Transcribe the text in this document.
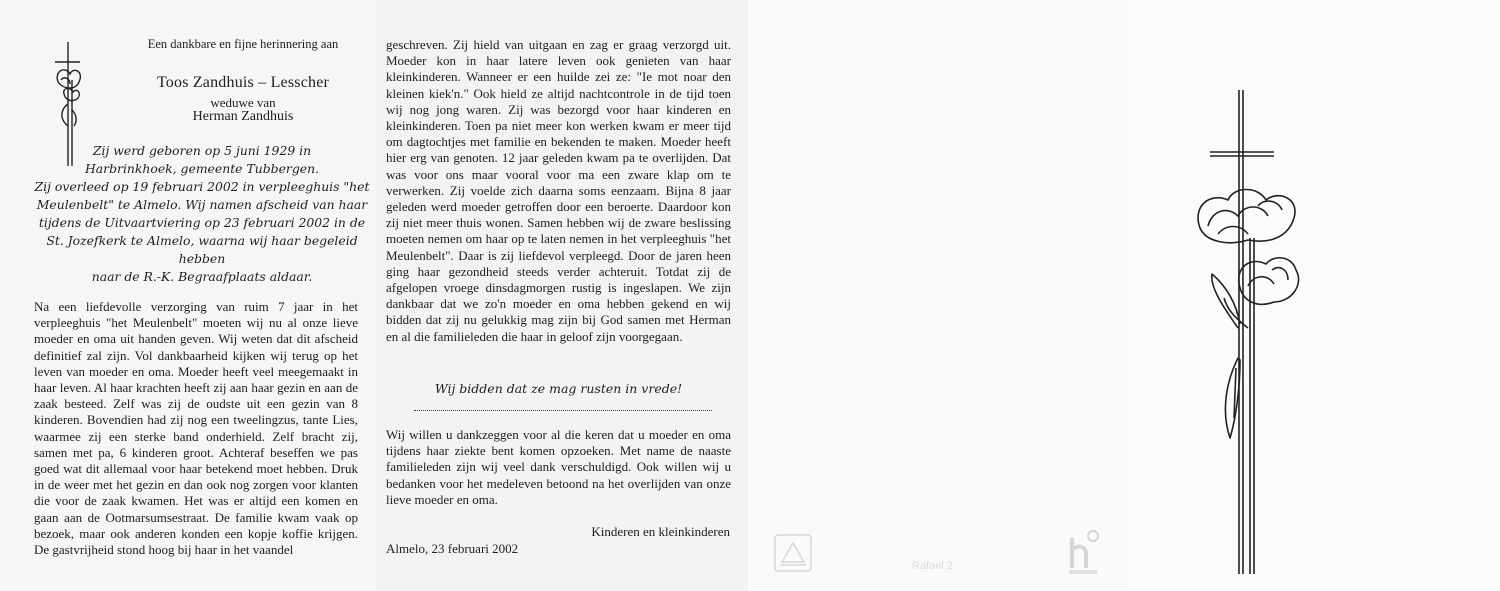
Een dankbare en fijne herinnering aan
Toos Zandhuis – Lesscher
weduwe van
Herman Zandhuis
Zij werd geboren op 5 juni 1929 in
Harbrinkhoek, gemeente Tubbergen.
Zij overleed op 19 februari 2002 in verpleeghuis "het
Meulenbelt" te Almelo. Wij namen afscheid van haar
tijdens de Uitvaartviering op 23 februari 2002 in de
St. Jozefkerk te Almelo, waarna wij haar begeleid hebben
naar de R.-K. Begraafplaats aldaar.
Na een liefdevolle verzorging van ruim 7 jaar in het verpleeghuis "het Meulenbelt" moeten wij nu al onze lieve moeder en oma uit handen geven. Wij weten dat dit afscheid definitief zal zijn. Vol dankbaarheid kijken wij terug op het leven van moeder en oma. Moeder heeft veel meegemaakt in haar leven. Al haar krachten heeft zij aan haar gezin en aan de zaak besteed. Zelf was zij de oudste uit een gezin van 8 kinderen. Bovendien had zij nog een tweelingzus, tante Lies, waarmee zij een sterke band onderhield. Zelf bracht zij, samen met pa, 6 kinderen groot. Achteraf beseffen we pas goed wat dit allemaal voor haar betekend moet hebben. Druk in de weer met het gezin en dan ook nog zorgen voor klanten die voor de zaak kwamen. Het was er altijd een komen en gaan aan de Ootmarsumsestraat. De familie kwam vaak op bezoek, maar ook anderen konden een kopje koffie krijgen. De gastvrijheid stond hoog bij haar in het vaandel
geschreven. Zij hield van uitgaan en zag er graag verzorgd uit. Moeder kon in haar latere leven ook genieten van haar kleinkinderen. Wanneer er een huilde zei ze: "Ie mot noar den kleinen kiek'n." Ook hield ze altijd nachtcontrole in de tijd toen wij nog jong waren. Zij was bezorgd voor haar kinderen en kleinkinderen. Toen pa niet meer kon werken kwam er meer tijd om dagtochtjes met familie en bekenden te maken. Moeder heeft hier erg van genoten. 12 jaar geleden kwam pa te overlijden. Dat was voor ons maar vooral voor ma een zware klap om te verwerken. Zij voelde zich daarna soms eenzaam. Bijna 8 jaar geleden werd moeder getroffen door een beroerte. Daardoor kon zij niet meer thuis wonen. Samen hebben wij de zware beslissing moeten nemen om haar op te laten nemen in het verpleeghuis "het Meulenbelt". Daar is zij liefdevol verpleegd. Door de jaren heen ging haar gezondheid steeds verder achteruit. Totdat zij de afgelopen vroege dinsdagmorgen rustig is ingeslapen. We zijn dankbaar dat we zo'n moeder en oma hebben gekend en wij bidden dat zij nu gelukkig mag zijn bij God samen met Herman en al die familieleden die haar in geloof zijn voorgegaan.
Wij bidden dat ze mag rusten in vrede!
Wij willen u dankzeggen voor al die keren dat u moeder en oma tijdens haar ziekte bent komen opzoeken. Met name de naaste familieleden zijn wij veel dank verschuldigd. Ook willen wij u bedanken voor het medeleven betoond na het overlijden van onze lieve moeder en oma.
Kinderen en kleinkinderen
Almelo, 23 februari 2002
Rafael 2
